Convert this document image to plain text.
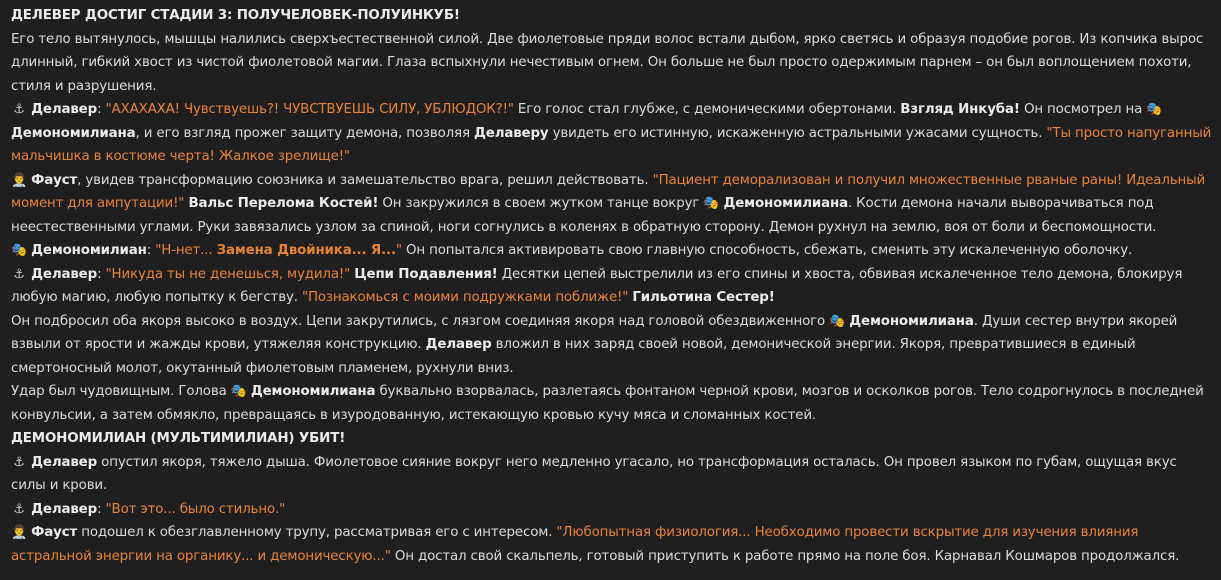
ДЕЛЕВЕР ДОСТИГ СТАДИИ 3: ПОЛУЧЕЛОВЕК-ПОЛУИНКУБ!

Его тело вытянулось, мышцы налились сверхъестественной силой. Две фиолетовые пряди волос встали дыбом, ярко светясь и образуя подобие рогов. Из копчика вырос длинный, гибкий хвост из чистой фиолетовой магии. Глаза вспыхнули нечестивым огнем. Он больше не был просто одержимым парнем – он был воплощением похоти, стиля и разрушения.

⚓ Делавер: "АХАХАХА! Чувствуешь?! ЧУВСТВУЕШЬ СИЛУ, УБЛЮДОК?!" Его голос стал глубже, с демоническими обертонами. Взгляд Инкуба! Он посмотрел на 🎭 Демономилиана, и его взгляд прожег защиту демона, позволяя Делаверу увидеть его истинную, искаженную астральными ужасами сущность. "Ты просто напуганный мальчишка в костюме черта! Жалкое зрелище!"

👨‍⚕️ Фауст, увидев трансформацию союзника и замешательство врага, решил действовать. "Пациент деморализован и получил множественные рваные раны! Идеальный момент для ампутации!" Вальс Перелома Костей! Он закружился в своем жутком танце вокруг 🎭 Демономилиана. Кости демона начали выворачиваться под неестественными углами. Руки завязались узлом за спиной, ноги согнулись в коленях в обратную сторону. Демон рухнул на землю, воя от боли и беспомощности.

🎭 Демономилиан: "Н-нет... Замена Двойника... Я..." Он попытался активировать свою главную способность, сбежать, сменить эту искалеченную оболочку.

⚓ Делавер: "Никуда ты не денешься, мудила!" Цепи Подавления! Десятки цепей выстрелили из его спины и хвоста, обвивая искалеченное тело демона, блокируя любую магию, любую попытку к бегству. "Познакомься с моими подружками поближе!" Гильотина Сестер!

Он подбросил оба якоря высоко в воздух. Цепи закрутились, с лязгом соединяя якоря над головой обездвиженного 🎭 Демономилиана. Души сестер внутри якорей взвыли от ярости и жажды крови, утяжеляя конструкцию. Делавер вложил в них заряд своей новой, демонической энергии. Якоря, превратившиеся в единый смертоносный молот, окутанный фиолетовым пламенем, рухнули вниз.

Удар был чудовищным. Голова 🎭 Демономилиана буквально взорвалась, разлетаясь фонтаном черной крови, мозгов и осколков рогов. Тело содрогнулось в последней конвульсии, а затем обмякло, превращаясь в изуродованную, истекающую кровью кучу мяса и сломанных костей.

ДЕМОНОМИЛИАН (МУЛЬТИМИЛИАН) УБИТ!

⚓ Делавер опустил якоря, тяжело дыша. Фиолетовое сияние вокруг него медленно угасало, но трансформация осталась. Он провел языком по губам, ощущая вкус силы и крови.

⚓ Делавер: "Вот это... было стильно."

👨‍⚕️ Фауст подошел к обезглавленному трупу, рассматривая его с интересом. "Любопытная физиология... Необходимо провести вскрытие для изучения влияния астральной энергии на органику... и демоническую..." Он достал свой скальпель, готовый приступить к работе прямо на поле боя. Карнавал Кошмаров продолжался.
